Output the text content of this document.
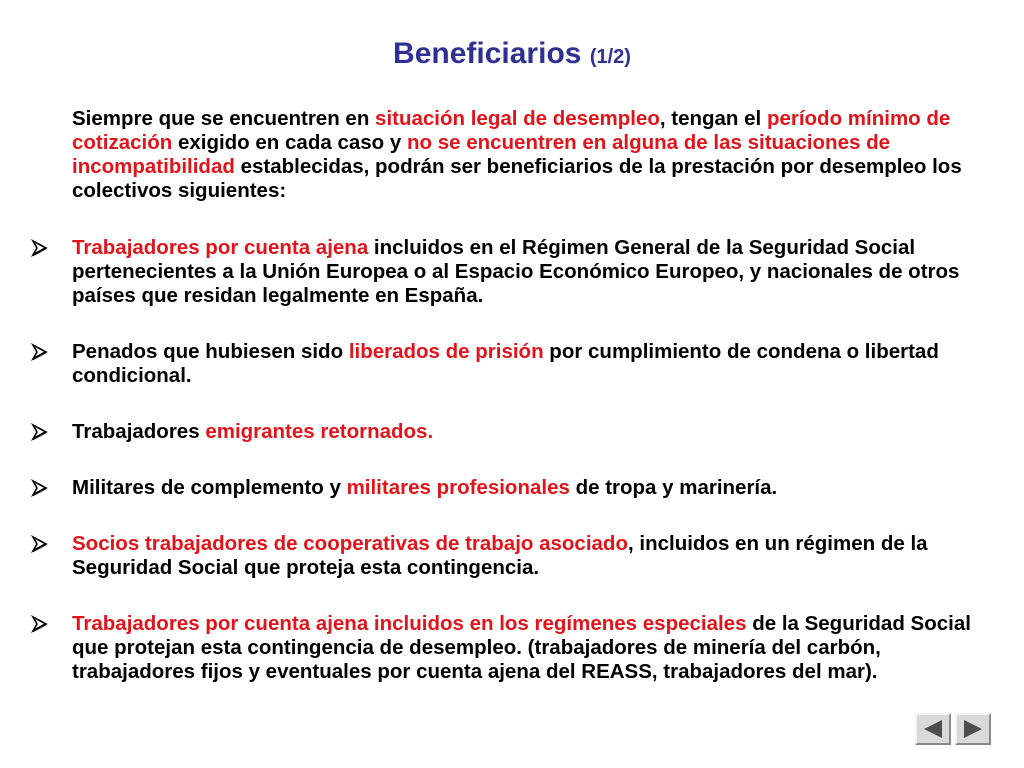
Beneficiarios (1/2)

Siempre que se encuentren en situación legal de desempleo, tengan el período mínimo de cotización exigido en cada caso y no se encuentren en alguna de las situaciones de incompatibilidad establecidas, podrán ser beneficiarios de la prestación por desempleo los colectivos siguientes:

Trabajadores por cuenta ajena incluidos en el Régimen General de la Seguridad Social pertenecientes a la Unión Europea o al Espacio Económico Europeo, y nacionales de otros países que residan legalmente en España.
Penados que hubiesen sido liberados de prisión por cumplimiento de condena o libertad condicional.
Trabajadores emigrantes retornados.
Militares de complemento y militares profesionales de tropa y marinería.
Socios trabajadores de cooperativas de trabajo asociado, incluidos en un régimen de la Seguridad Social que proteja esta contingencia.
Trabajadores por cuenta ajena incluidos en los regímenes especiales de la Seguridad Social que protejan esta contingencia de desempleo. (trabajadores de minería del carbón, trabajadores fijos y eventuales por cuenta ajena del REASS, trabajadores del mar).
